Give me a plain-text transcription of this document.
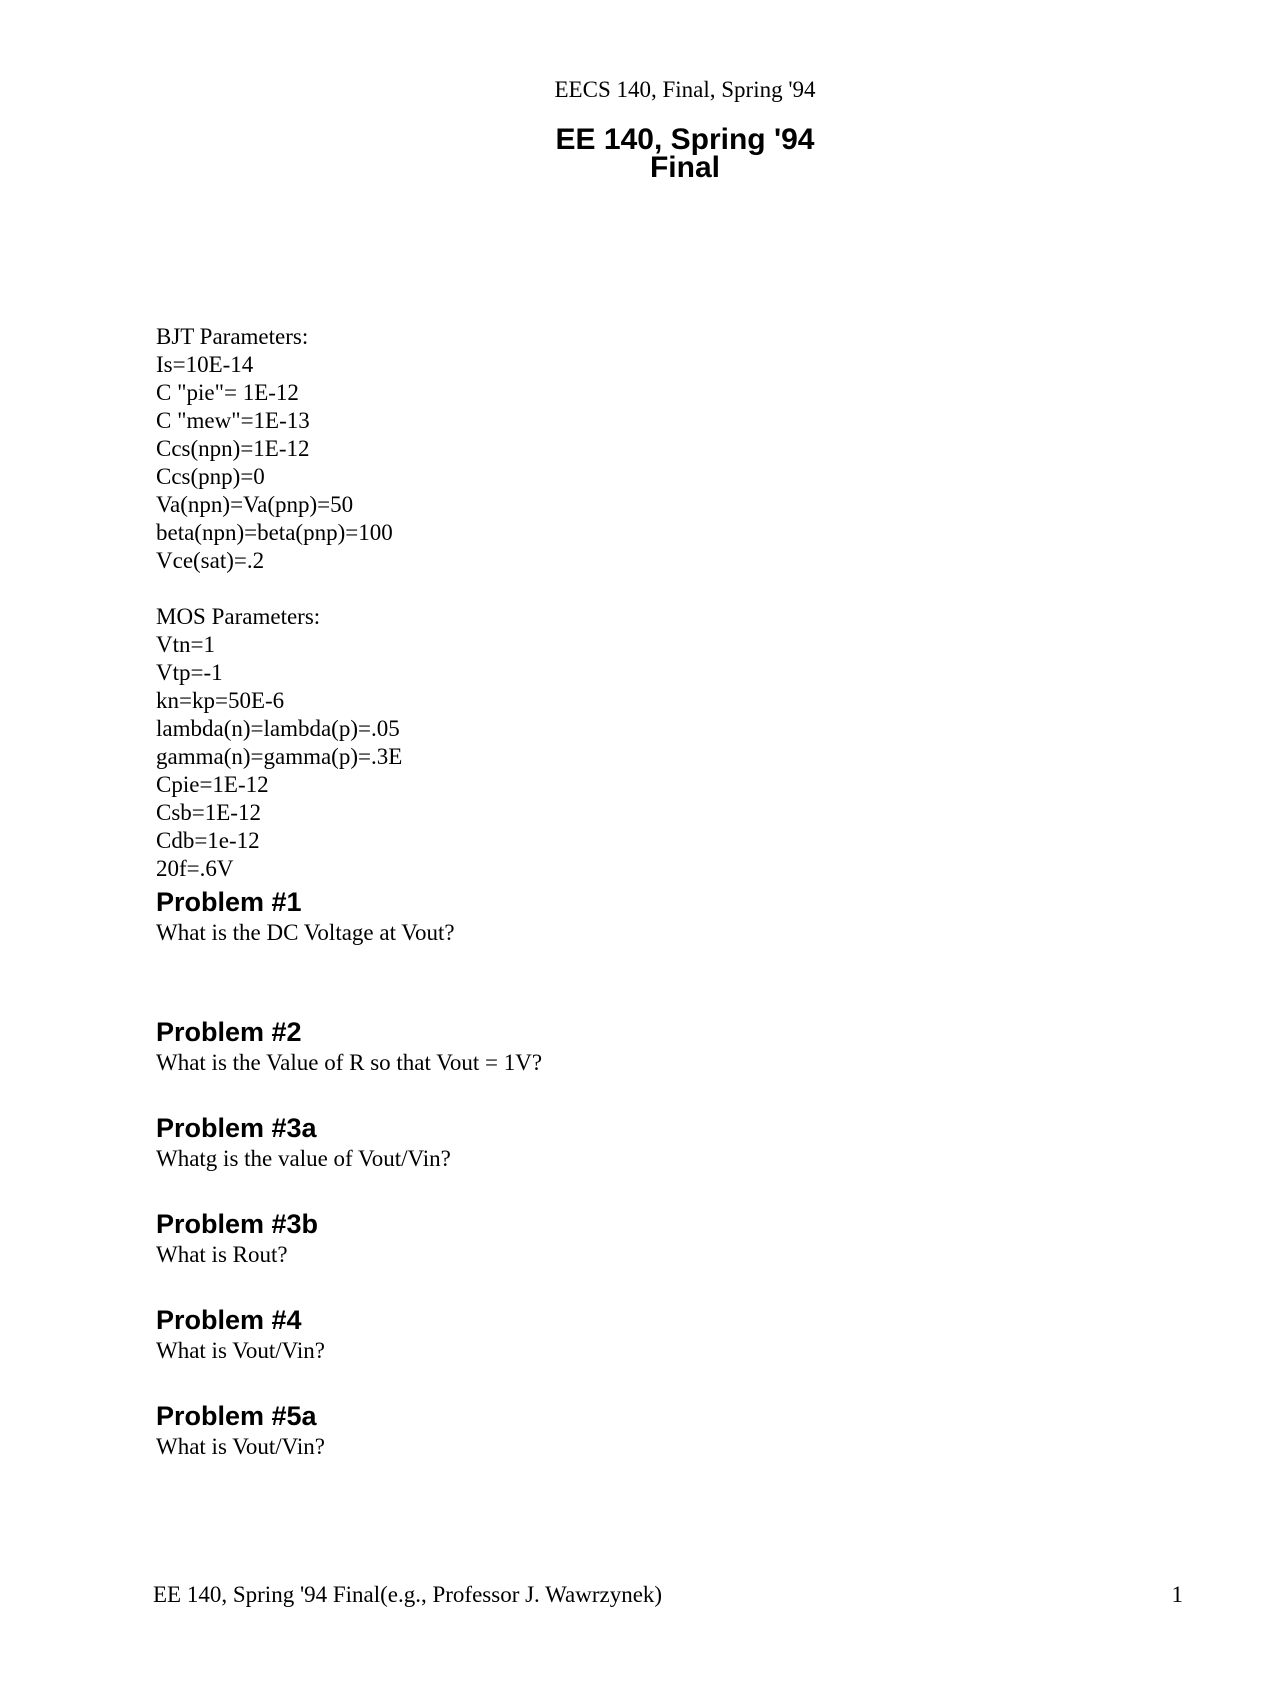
EECS 140, Final, Spring '94
EE 140, Spring '94
Final
BJT Parameters:
Is=10E-14
C "pie"= 1E-12
C "mew"=1E-13
Ccs(npn)=1E-12
Ccs(pnp)=0
Va(npn)=Va(pnp)=50
beta(npn)=beta(pnp)=100
Vce(sat)=.2
MOS Parameters:
Vtn=1
Vtp=-1
kn=kp=50E-6
lambda(n)=lambda(p)=.05
gamma(n)=gamma(p)=.3E
Cpie=1E-12
Csb=1E-12
Cdb=1e-12
20f=.6V
Problem #1

What is the DC Voltage at Vout?

Problem #2

What is the Value of R so that Vout = 1V?

Problem #3a

Whatg is the value of Vout/Vin?

Problem #3b

What is Rout?

Problem #4

What is Vout/Vin?

Problem #5a

What is Vout/Vin?

EE 140, Spring '94 Final(e.g., Professor J. Wawrzynek)	1
